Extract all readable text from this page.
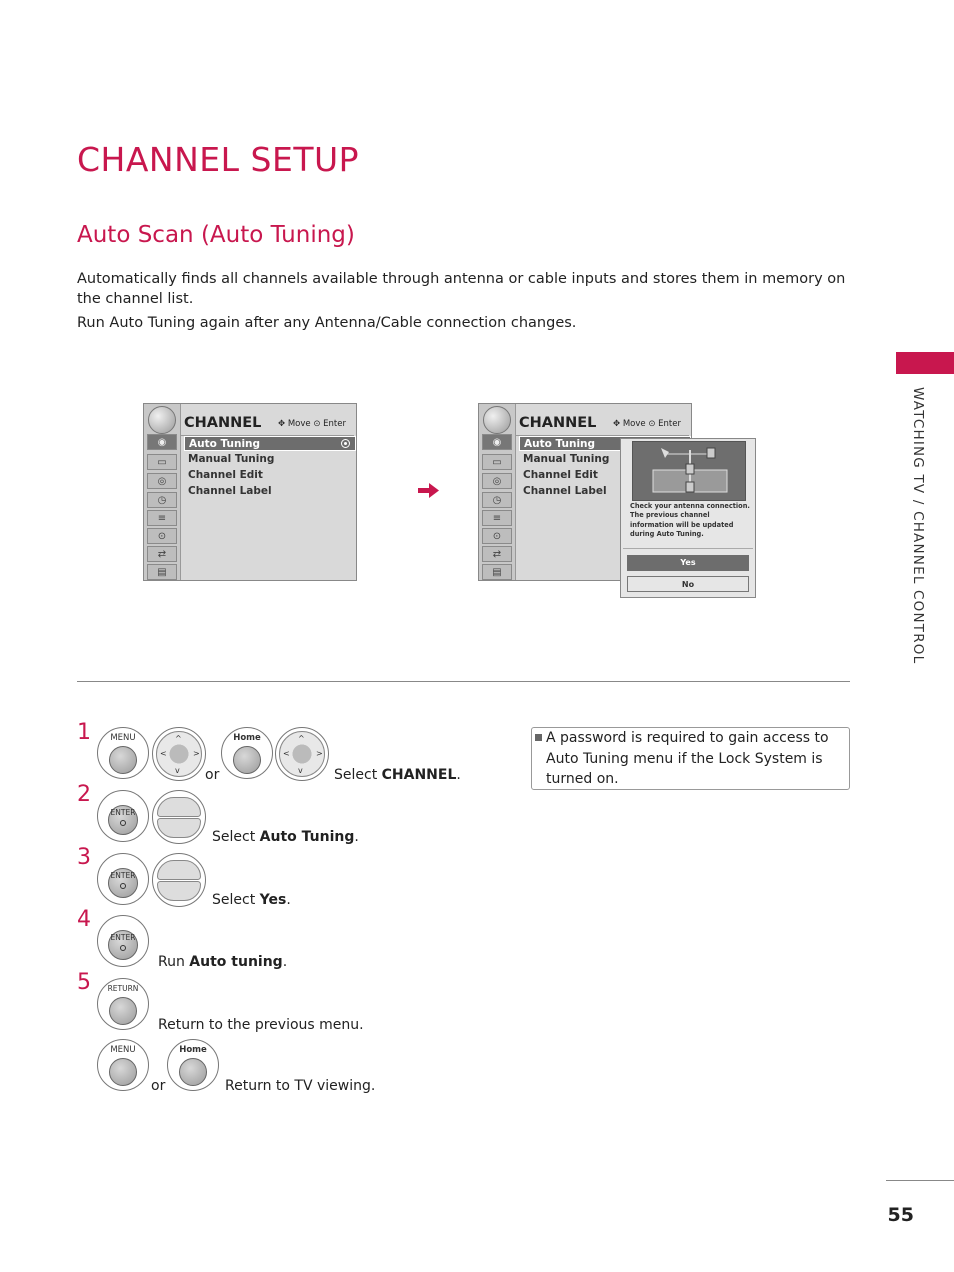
CHANNEL SETUP
Auto Scan (Auto Tuning)
Automatically finds all channels available through antenna or cable inputs and stores them in memory on the channel list.
Run Auto Tuning again after any Antenna/Cable connection changes.
WATCHING TV / CHANNEL CONTROL
◉
▭
◎
◷
≡
⊙
⇄
▤
CHANNEL ✥ Move ⊙ Enter
Auto Tuning
Manual Tuning
Channel Edit
Channel Label
◉
▭
◎
◷
≡
⊙
⇄
▤
CHANNEL ✥ Move ⊙ Enter
Auto Tuning
Manual Tuning
Channel Edit
Channel Label
Check your antenna connection. The previous channel information will be updated during Auto Tuning.
Yes
No
1	MENU	^
v
<	>
or
Home	^
v
<	>
Select CHANNEL.
2
ENTER
Select Auto Tuning.
3
ENTER
Select Yes.
4
ENTER
Run Auto tuning.
5	RETURN
Return to the previous menu.
MENU
or
Home
Return to TV viewing.
A password is required to gain access to Auto Tuning menu if the Lock System is turned on.
55
